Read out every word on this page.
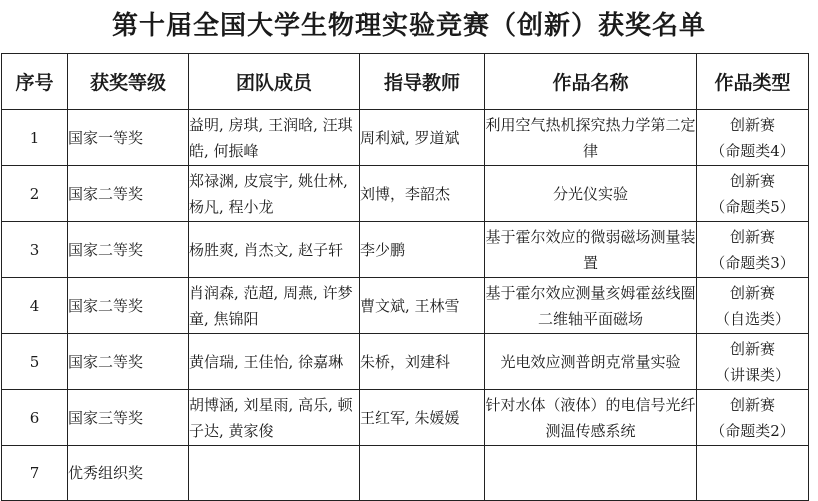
第十届全国大学生物理实验竞赛（创新）获奖名单
序号	获奖等级	团队成员	指导教师	作品名称	作品类型

1	国家一等奖	益明, 房琪, 王润晗, 汪琪皓, 何振峰	周利斌, 罗道斌	利用空气热机探究热力学第二定律	创新赛
（命题类4）

2	国家二等奖	郑禄渊, 皮宸宇, 姚仕林, 杨凡, 程小龙	刘博，李韶杰	分光仪实验	创新赛
（命题类5）

3	国家二等奖	杨胜爽, 肖杰文, 赵子轩	李少鹏	基于霍尔效应的微弱磁场测量装置	创新赛
（命题类3）

4	国家二等奖	肖润森, 范超, 周燕, 许梦童, 焦锦阳	曹文斌, 王林雪	基于霍尔效应测量亥姆霍兹线圈二维轴平面磁场	创新赛
（自选类）

5	国家二等奖	黄信瑞, 王佳怡, 徐嘉琳	朱桥，刘建科	光电效应测普朗克常量实验	创新赛
（讲课类）

6	国家三等奖	胡博涵, 刘星雨, 高乐, 顿子达, 黄家俊	王红军, 朱媛媛	针对水体（液体）的电信号光纤测温传感系统	创新赛
（命题类2）

7	优秀组织奖				
